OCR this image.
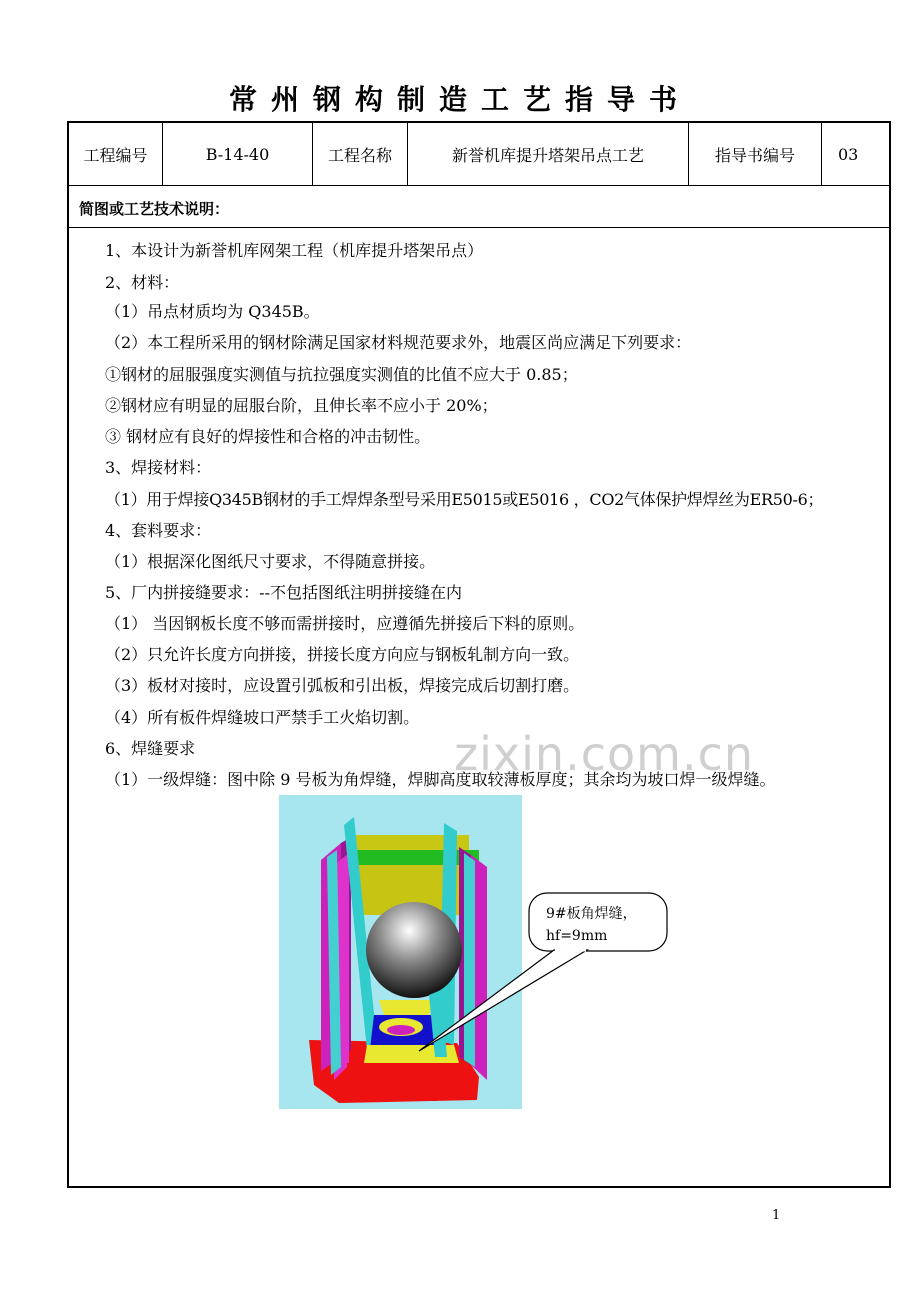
常州钢构制造工艺指导书
工程编号	B-14-40	工程名称	新誉机库提升塔架吊点工艺	指导书编号	03
简图或工艺技术说明：
1、本设计为新誉机库网架工程（机库提升塔架吊点）
2、材料：
（1）吊点材质均为 Q345B。
（2）本工程所采用的钢材除满足国家材料规范要求外，地震区尚应满足下列要求：
①钢材的屈服强度实测值与抗拉强度实测值的比值不应大于 0.85；
②钢材应有明显的屈服台阶，且伸长率不应小于 20%；
③ 钢材应有良好的焊接性和合格的冲击韧性。
3、焊接材料：
（1）用于焊接Q345B钢材的手工焊焊条型号采用E5015或E5016 ，CO2气体保护焊焊丝为ER50-6；
4、套料要求：
（1）根据深化图纸尺寸要求，不得随意拼接。
5、厂内拼接缝要求：--不包括图纸注明拼接缝在内
（1） 当因钢板长度不够而需拼接时，应遵循先拼接后下料的原则。
（2）只允许长度方向拼接，拼接长度方向应与钢板轧制方向一致。
（3）板材对接时，应设置引弧板和引出板，焊接完成后切割打磨。
（4）所有板件焊缝坡口严禁手工火焰切割。
6、焊缝要求
（1）一级焊缝：图中除 9 号板为角焊缝，焊脚高度取较薄板厚度；其余均为坡口焊一级焊缝。
9#板角焊缝，
hf=9mm
zixin.com.cn
1
